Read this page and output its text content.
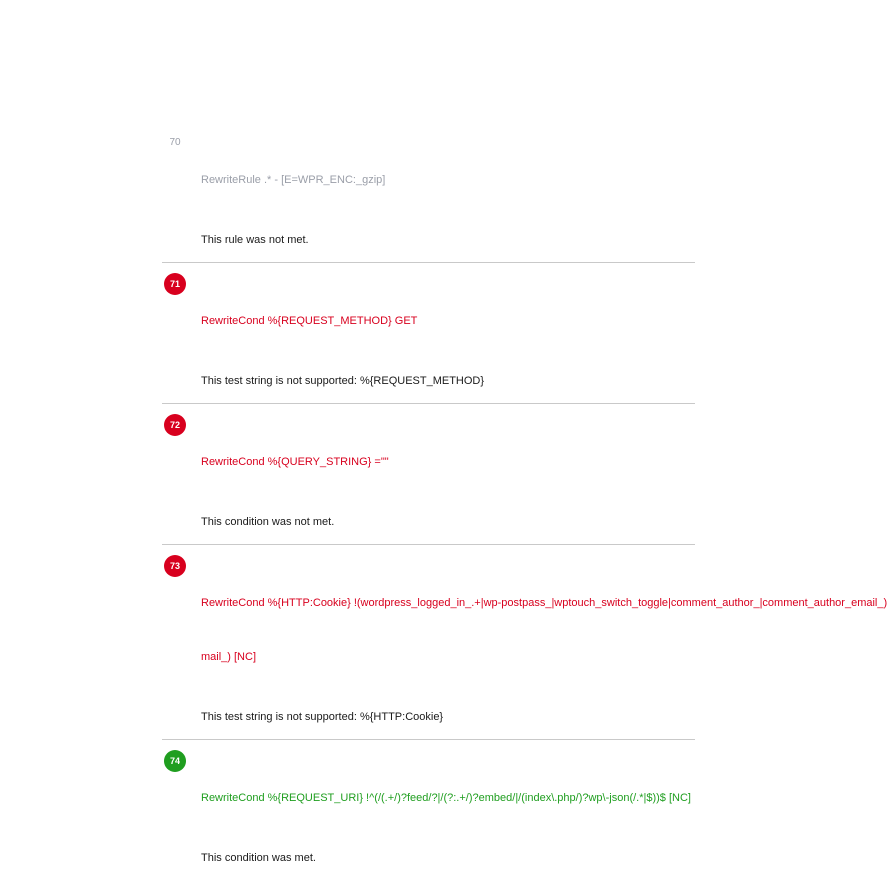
70

RewriteRule .* - [E=WPR_ENC:_gzip]

This rule was not met.
71

RewriteCond %{REQUEST_METHOD} GET

This test string is not supported: %{REQUEST_METHOD}
72

RewriteCond %{QUERY_STRING} =""

This condition was not met.
73

RewriteCond %{HTTP:Cookie} !(wordpress_logged_in_.+|wp-postpass_|wptouch_switch_toggle|comment_author_|comment_author_email_)

mail_) [NC]

This test string is not supported: %{HTTP:Cookie}
74

RewriteCond %{REQUEST_URI} !^(/(.+/)?feed/?|/(?:.+/)?embed/|/(index\.php/)?wp\-json(/.*|$))$ [NC]

This condition was met.
